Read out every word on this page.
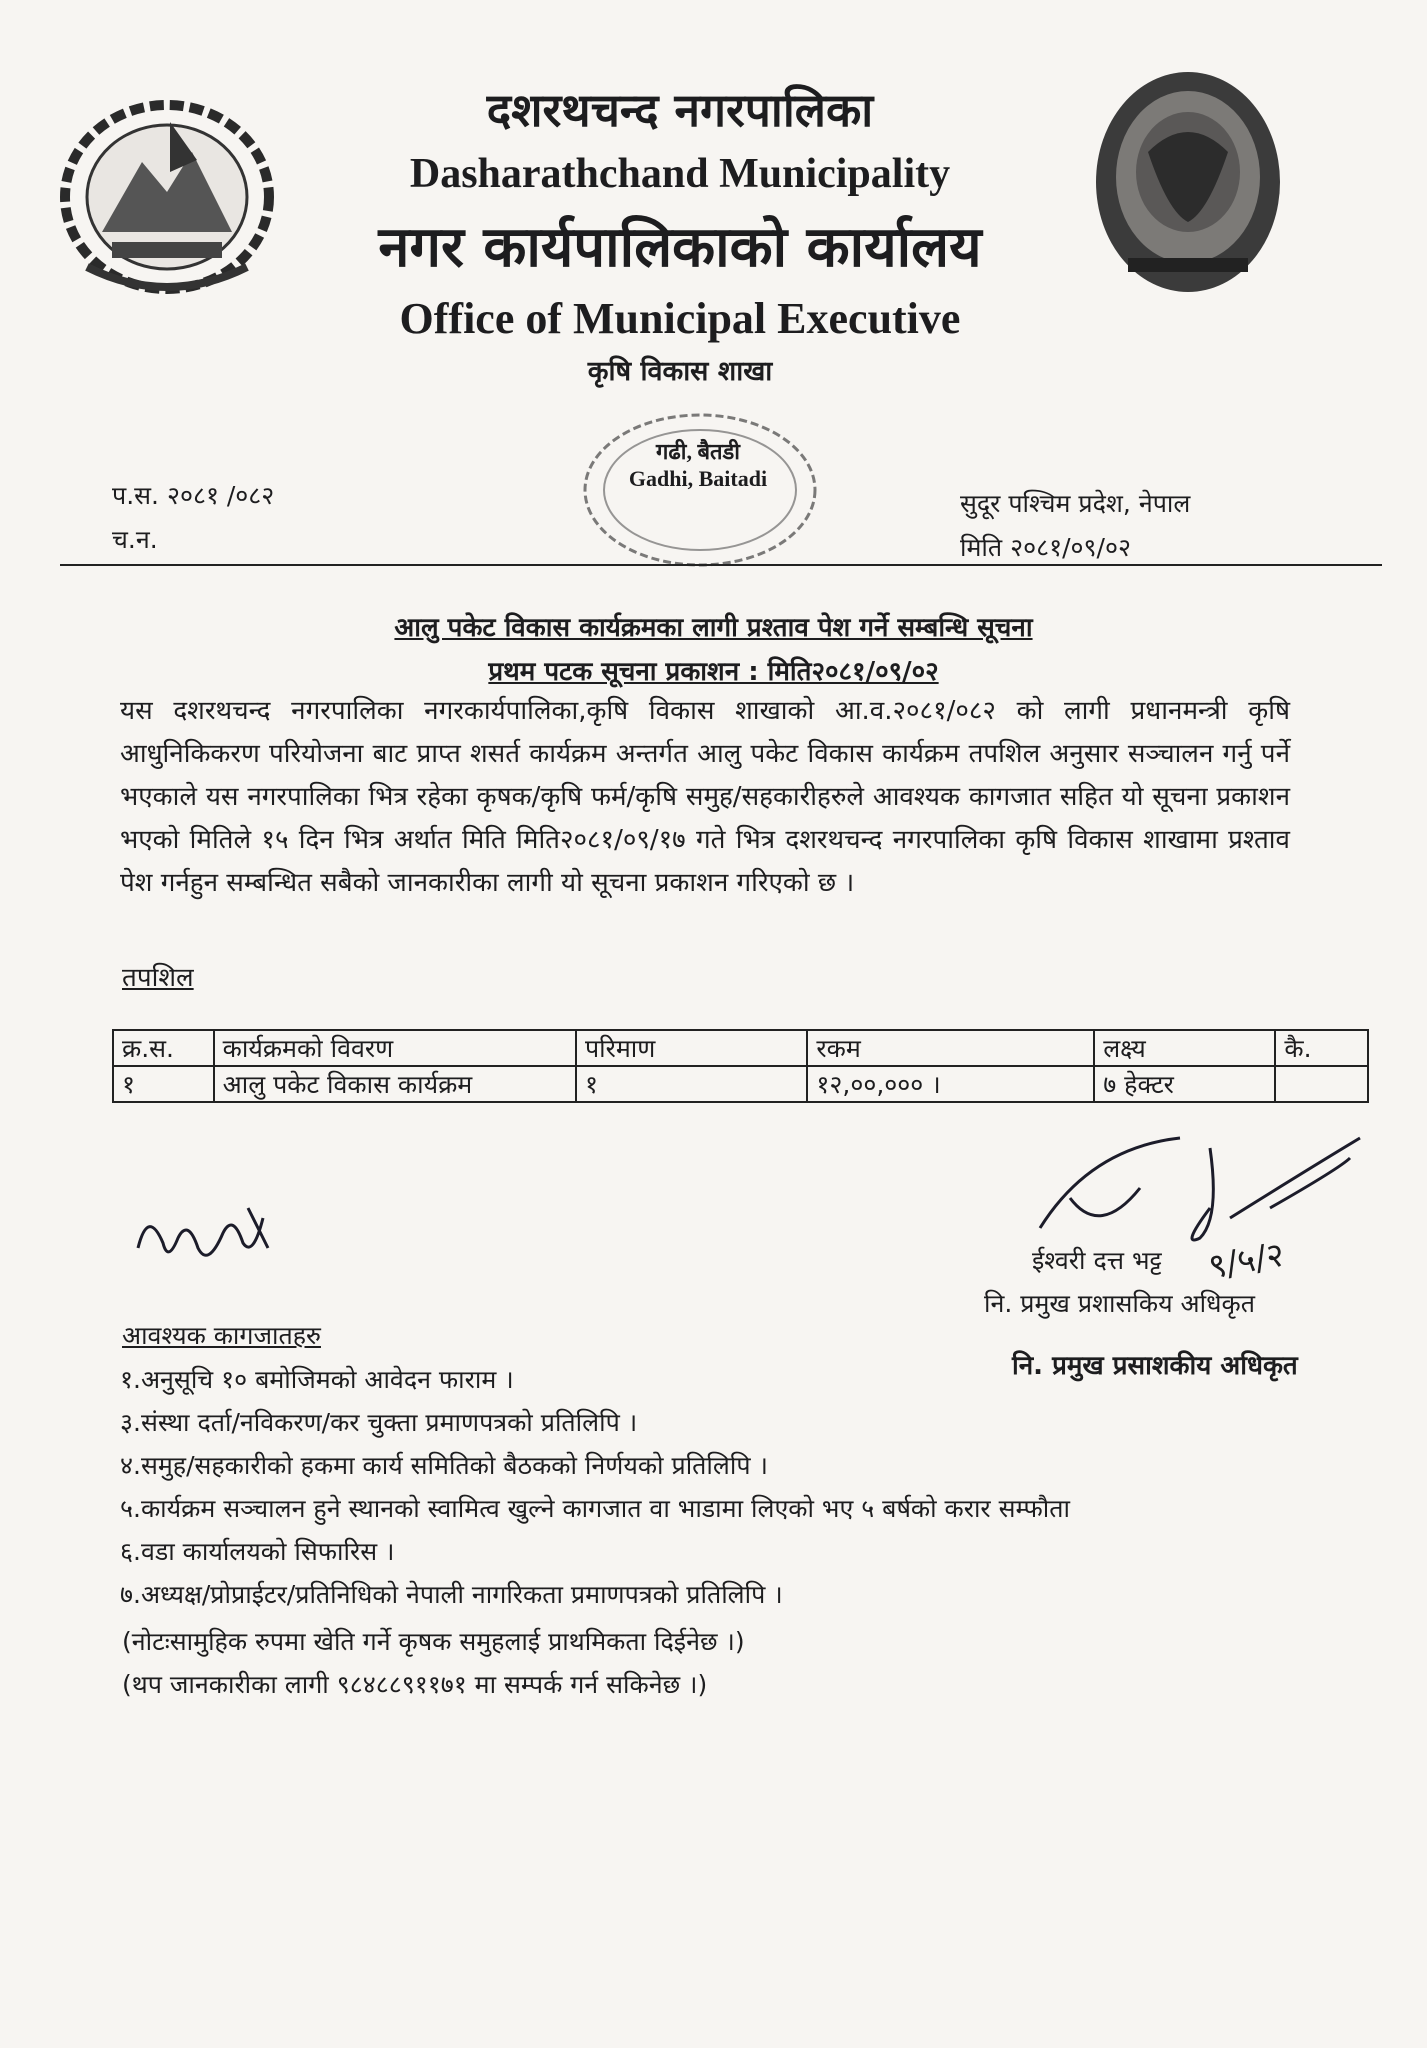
दशरथचन्द नगरपालिका
Dasharathchand Municipality
नगर कार्यपालिकाको कार्यालय
Office of Municipal Executive
कृषि विकास शाखा
गढी, बैतडी
Gadhi, Baitadi
प.स. २०८१ /०८२
च.न.
सुदूर पश्चिम प्रदेश, नेपाल
मिति २०८१/०९/०२
आलु पकेट विकास कार्यक्रमका लागी प्रश्ताव पेश गर्ने सम्बन्धि सूचना
प्रथम पटक सूचना प्रकाशन : मिति२०८१/०९/०२
यस दशरथचन्द नगरपालिका नगरकार्यपालिका,कृषि विकास शाखाको आ.व.२०८१/०८२ को लागी प्रधानमन्त्री कृषि आधुनिकिकरण परियोजना बाट प्राप्त शसर्त कार्यक्रम अन्तर्गत आलु पकेट विकास कार्यक्रम तपशिल अनुसार सञ्चालन गर्नु पर्ने भएकाले यस नगरपालिका भित्र रहेका कृषक/कृषि फर्म/कृषि समुह/सहकारीहरुले आवश्यक कागजात सहित यो सूचना प्रकाशन भएको मितिले १५ दिन भित्र अर्थात मिति मिति२०८१/०९/१७ गते भित्र दशरथचन्द नगरपालिका कृषि विकास शाखामा प्रश्ताव पेश गर्नहुन सम्बन्धित सबैको जानकारीका लागी यो सूचना प्रकाशन गरिएको छ ।
तपशिल
क्र.स.	कार्यक्रमको विवरण	परिमाण	रकम	लक्ष्य	कै.
१	आलु पकेट विकास कार्यक्रम	१	१२,००,००० ।	७ हेक्टर	
ईश्वरी दत्त भट्ट ९/५/२
नि. प्रमुख प्रशासकिय अधिकृत
नि. प्रमुख प्रसाशकीय अधिकृत
आवश्यक कागजातहरु
१.अनुसूचि १० बमोजिमको आवेदन फाराम ।
३.संस्था दर्ता/नविकरण/कर चुक्ता प्रमाणपत्रको प्रतिलिपि ।
४.समुह/सहकारीको हकमा कार्य समितिको बैठकको निर्णयको प्रतिलिपि ।
५.कार्यक्रम सञ्चालन हुने स्थानको स्वामित्व खुल्ने कागजात वा भाडामा लिएको भए ५ बर्षको करार सम्फौता
६.वडा कार्यालयको सिफारिस ।
७.अध्यक्ष/प्रोप्राईटर/प्रतिनिधिको नेपाली नागरिकता प्रमाणपत्रको प्रतिलिपि ।
(नोटःसामुहिक रुपमा खेति गर्ने कृषक समुहलाई प्राथमिकता दिईनेछ ।)
(थप जानकारीका लागी ९८४८८९११७१ मा सम्पर्क गर्न सकिनेछ ।)
